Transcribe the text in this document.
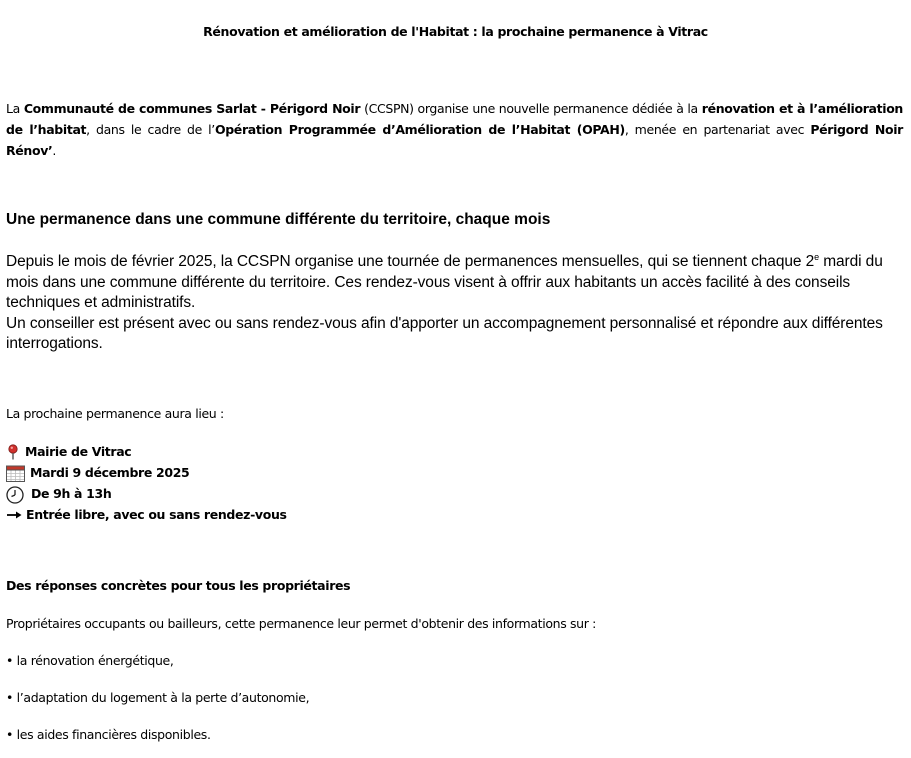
Rénovation et amélioration de l'Habitat : la prochaine permanence à Vitrac
La Communauté de communes Sarlat - Périgord Noir (CCSPN) organise une nouvelle permanence dédiée à la rénovation et à l’amélioration de l’habitat, dans le cadre de l’Opération Programmée d’Amélioration de l’Habitat (OPAH), menée en partenariat avec Périgord Noir Rénov’.
Une permanence dans une commune différente du territoire, chaque mois

Depuis le mois de février 2025, la CCSPN organise une tournée de permanences mensuelles, qui se tiennent chaque 2e mardi du mois dans une commune différente du territoire. Ces rendez-vous visent à offrir aux habitants un accès facilité à des conseils techniques et administratifs.

Un conseiller est présent avec ou sans rendez-vous afin d'apporter un accompagnement personnalisé et répondre aux différentes interrogations.

La prochaine permanence aura lieu :
Mairie de Vitrac
Mardi 9 décembre 2025
De 9h à 13h
Entrée libre, avec ou sans rendez-vous
Des réponses concrètes pour tous les propriétaires
Propriétaires occupants ou bailleurs, cette permanence leur permet d'obtenir des informations sur :
• la rénovation énergétique,
• l’adaptation du logement à la perte d’autonomie,
• les aides financières disponibles.
